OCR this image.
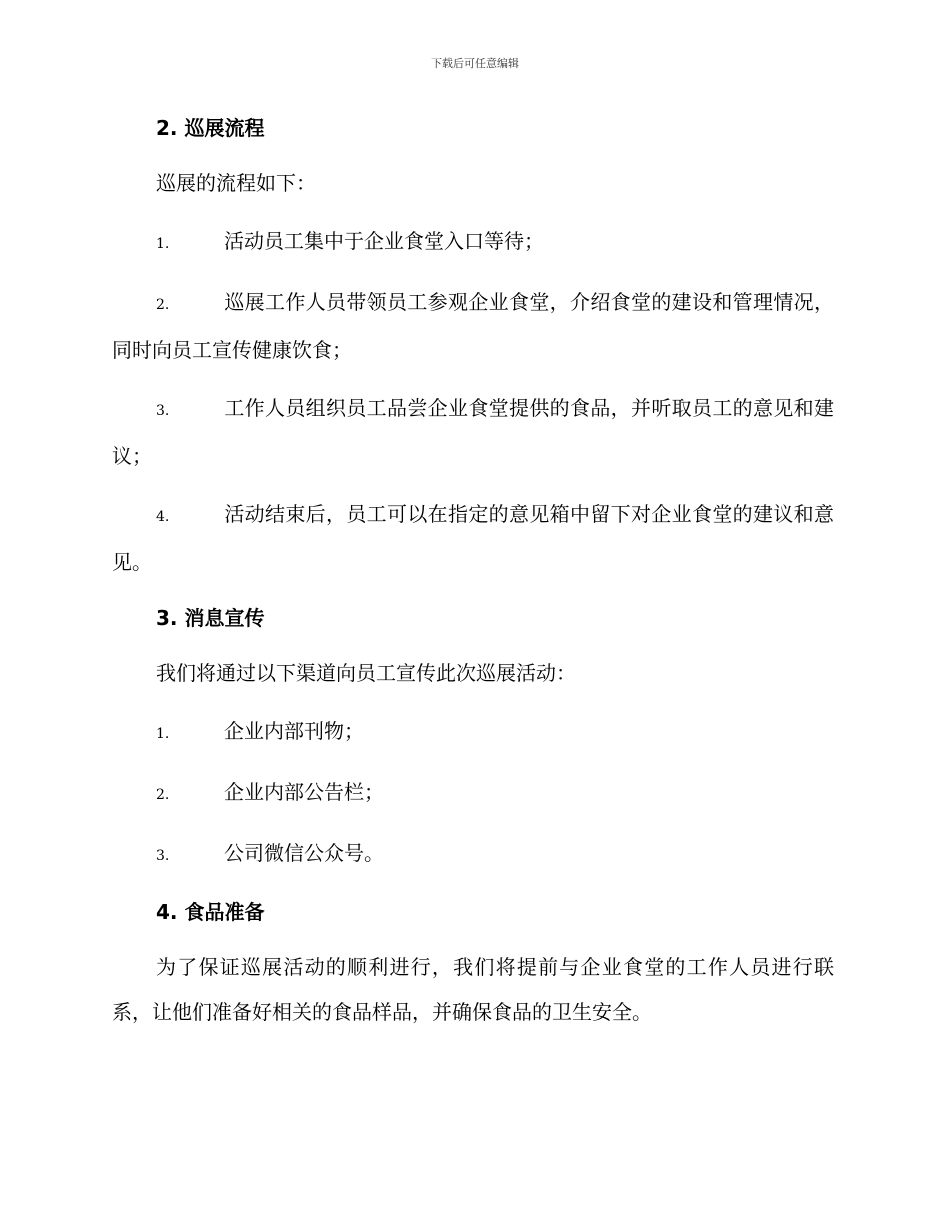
下载后可任意编辑
2. 巡展流程

巡展的流程如下：

1.	活动员工集中于企业食堂入口等待；

2.	巡展工作人员带领员工参观企业食堂，介绍食堂的建设和管理情况，同时向员工宣传健康饮食；

3.	工作人员组织员工品尝企业食堂提供的食品，并听取员工的意见和建议；

4.	活动结束后，员工可以在指定的意见箱中留下对企业食堂的建议和意见。

3. 消息宣传

我们将通过以下渠道向员工宣传此次巡展活动：

1.	企业内部刊物；

2.	企业内部公告栏；

3.	公司微信公众号。

4. 食品准备

为了保证巡展活动的顺利进行，我们将提前与企业食堂的工作人员进行联系，让他们准备好相关的食品样品，并确保食品的卫生安全。
